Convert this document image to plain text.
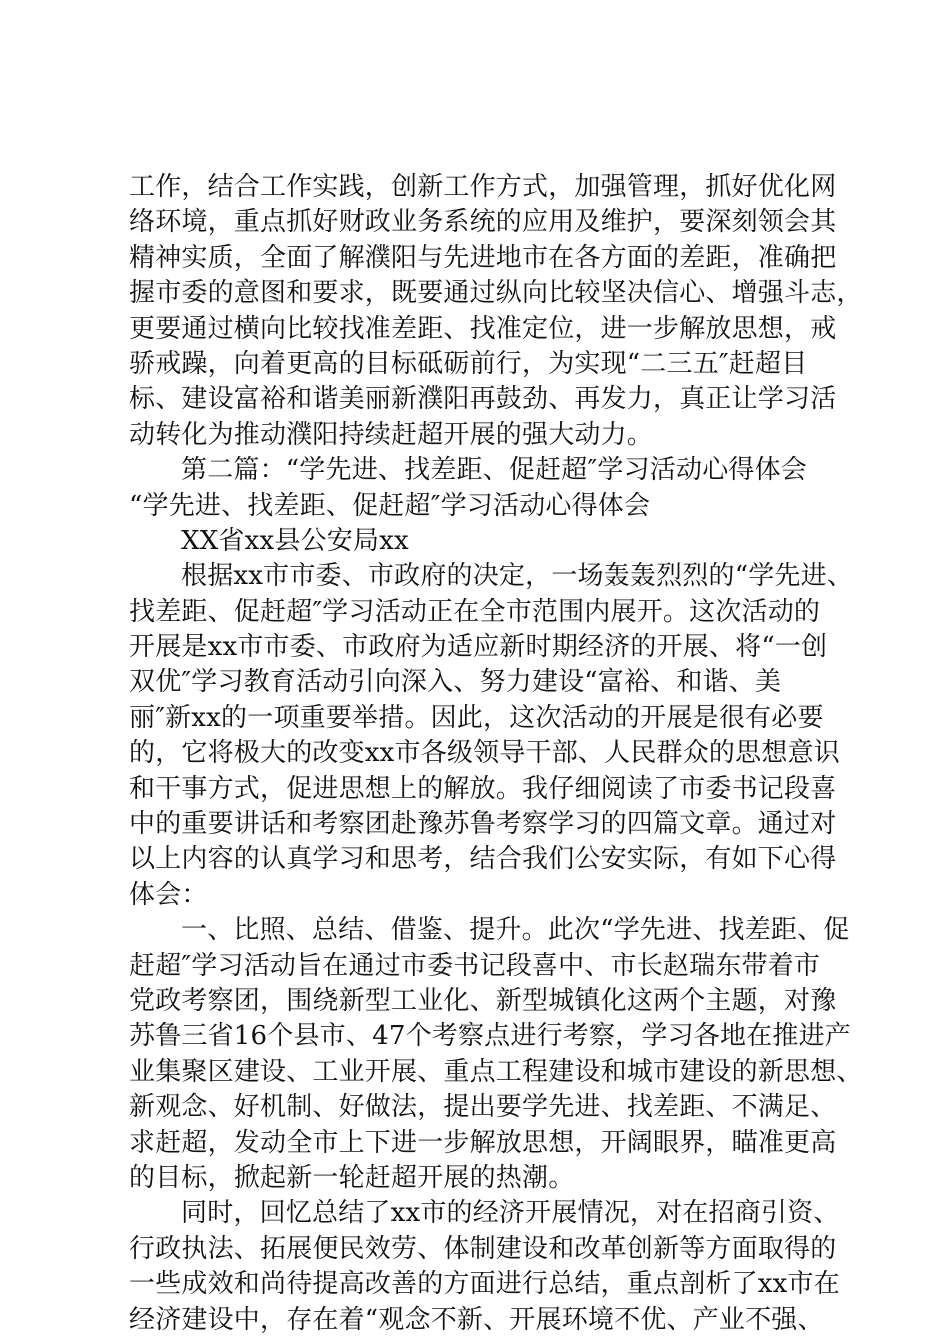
工作，结合工作实践，创新工作方式，加强管理，抓好优化网
络环境，重点抓好财政业务系统的应用及维护，要深刻领会其
精神实质，全面了解濮阳与先进地市在各方面的差距，准确把
握市委的意图和要求，既要通过纵向比较坚决信心、增强斗志，
更要通过横向比较找准差距、找准定位，进一步解放思想，戒
骄戒躁，向着更高的目标砥砺前行，为实现“二三五″赶超目
标、建设富裕和谐美丽新濮阳再鼓劲、再发力，真正让学习活
动转化为推动濮阳持续赶超开展的强大动力。
第二篇：“学先进、找差距、促赶超″学习活动心得体会
“学先进、找差距、促赶超″学习活动心得体会
XX省xx县公安局xx
根据xx市市委、市政府的决定，一场轰轰烈烈的“学先进、
找差距、促赶超″学习活动正在全市范围内展开。这次活动的
开展是xx市市委、市政府为适应新时期经济的开展、将“一创
双优″学习教育活动引向深入、努力建设“富裕、和谐、美
丽″新xx的一项重要举措。因此，这次活动的开展是很有必要
的，它将极大的改变xx市各级领导干部、人民群众的思想意识
和干事方式，促进思想上的解放。我仔细阅读了市委书记段喜
中的重要讲话和考察团赴豫苏鲁考察学习的四篇文章。通过对
以上内容的认真学习和思考，结合我们公安实际，有如下心得
体会：
一、比照、总结、借鉴、提升。此次“学先进、找差距、促
赶超″学习活动旨在通过市委书记段喜中、市长赵瑞东带着市
党政考察团，围绕新型工业化、新型城镇化这两个主题，对豫
苏鲁三省16个县市、47个考察点进行考察，学习各地在推进产
业集聚区建设、工业开展、重点工程建设和城市建设的新思想、
新观念、好机制、好做法，提出要学先进、找差距、不满足、
求赶超，发动全市上下进一步解放思想，开阔眼界，瞄准更高
的目标，掀起新一轮赶超开展的热潮。
同时，回忆总结了xx市的经济开展情况，对在招商引资、
行政执法、拓展便民效劳、体制建设和改革创新等方面取得的
一些成效和尚待提高改善的方面进行总结，重点剖析了xx市在
经济建设中，存在着“观念不新、开展环境不优、产业不强、
